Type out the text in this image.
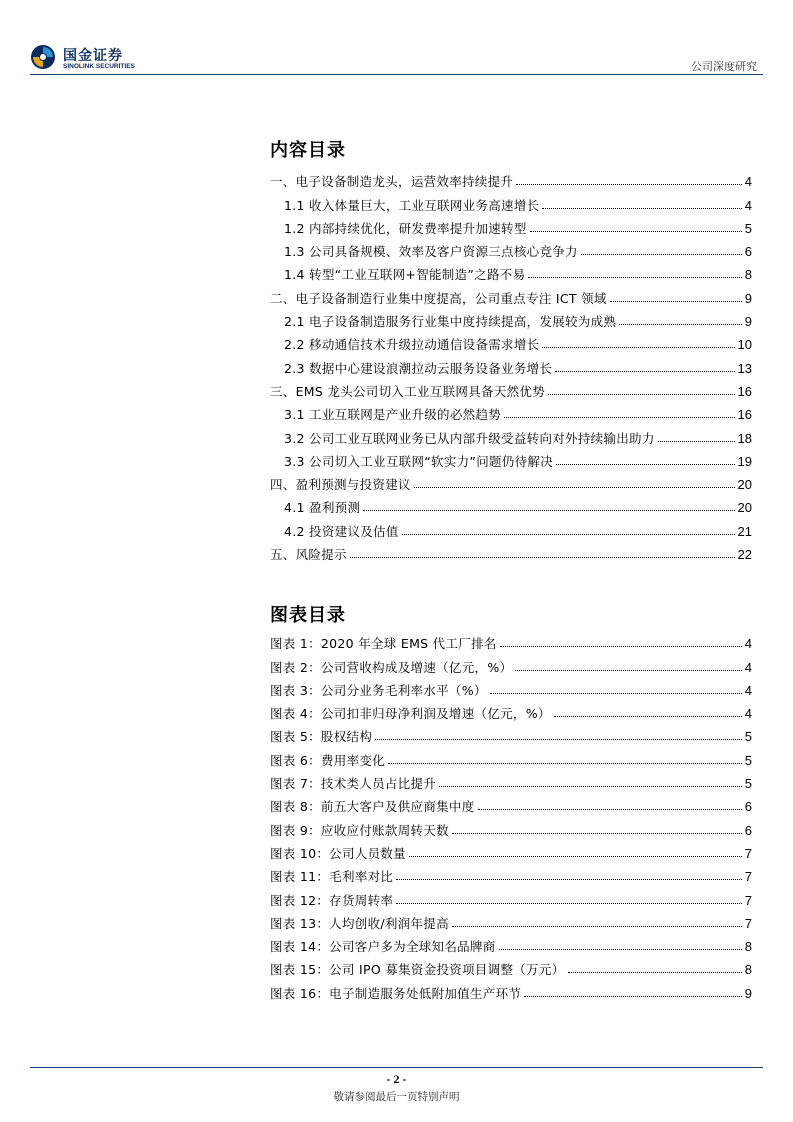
国金证券
SINOLINK SECURITIES	公司深度研究
内容目录
一、电子设备制造龙头，运营效率持续提升	4
1.1 收入体量巨大，工业互联网业务高速增长	4
1.2 内部持续优化，研发费率提升加速转型	5
1.3 公司具备规模、效率及客户资源三点核心竞争力	6
1.4 转型“工业互联网+智能制造”之路不易	8
二、电子设备制造行业集中度提高，公司重点专注 ICT 领域	9
2.1 电子设备制造服务行业集中度持续提高，发展较为成熟	9
2.2 移动通信技术升级拉动通信设备需求增长	10
2.3 数据中心建设浪潮拉动云服务设备业务增长	13
三、EMS 龙头公司切入工业互联网具备天然优势	16
3.1 工业互联网是产业升级的必然趋势	16
3.2 公司工业互联网业务已从内部升级受益转向对外持续输出助力	18
3.3 公司切入工业互联网“软实力”问题仍待解决	19
四、盈利预测与投资建议	20
4.1 盈利预测	20
4.2 投资建议及估值	21
五、风险提示	22
图表目录
图表 1：2020 年全球 EMS 代工厂排名	4
图表 2：公司营收构成及增速（亿元，%）	4
图表 3：公司分业务毛利率水平（%）	4
图表 4：公司扣非归母净利润及增速（亿元，%）	4
图表 5：股权结构	5
图表 6：费用率变化	5
图表 7：技术类人员占比提升	5
图表 8：前五大客户及供应商集中度	6
图表 9：应收应付账款周转天数	6
图表 10：公司人员数量	7
图表 11：毛利率对比	7
图表 12：存货周转率	7
图表 13：人均创收/利润年提高	7
图表 14：公司客户多为全球知名品牌商	8
图表 15：公司 IPO 募集资金投资项目调整（万元）	8
图表 16：电子制造服务处低附加值生产环节	9
- 2 -
敬请参阅最后一页特别声明
